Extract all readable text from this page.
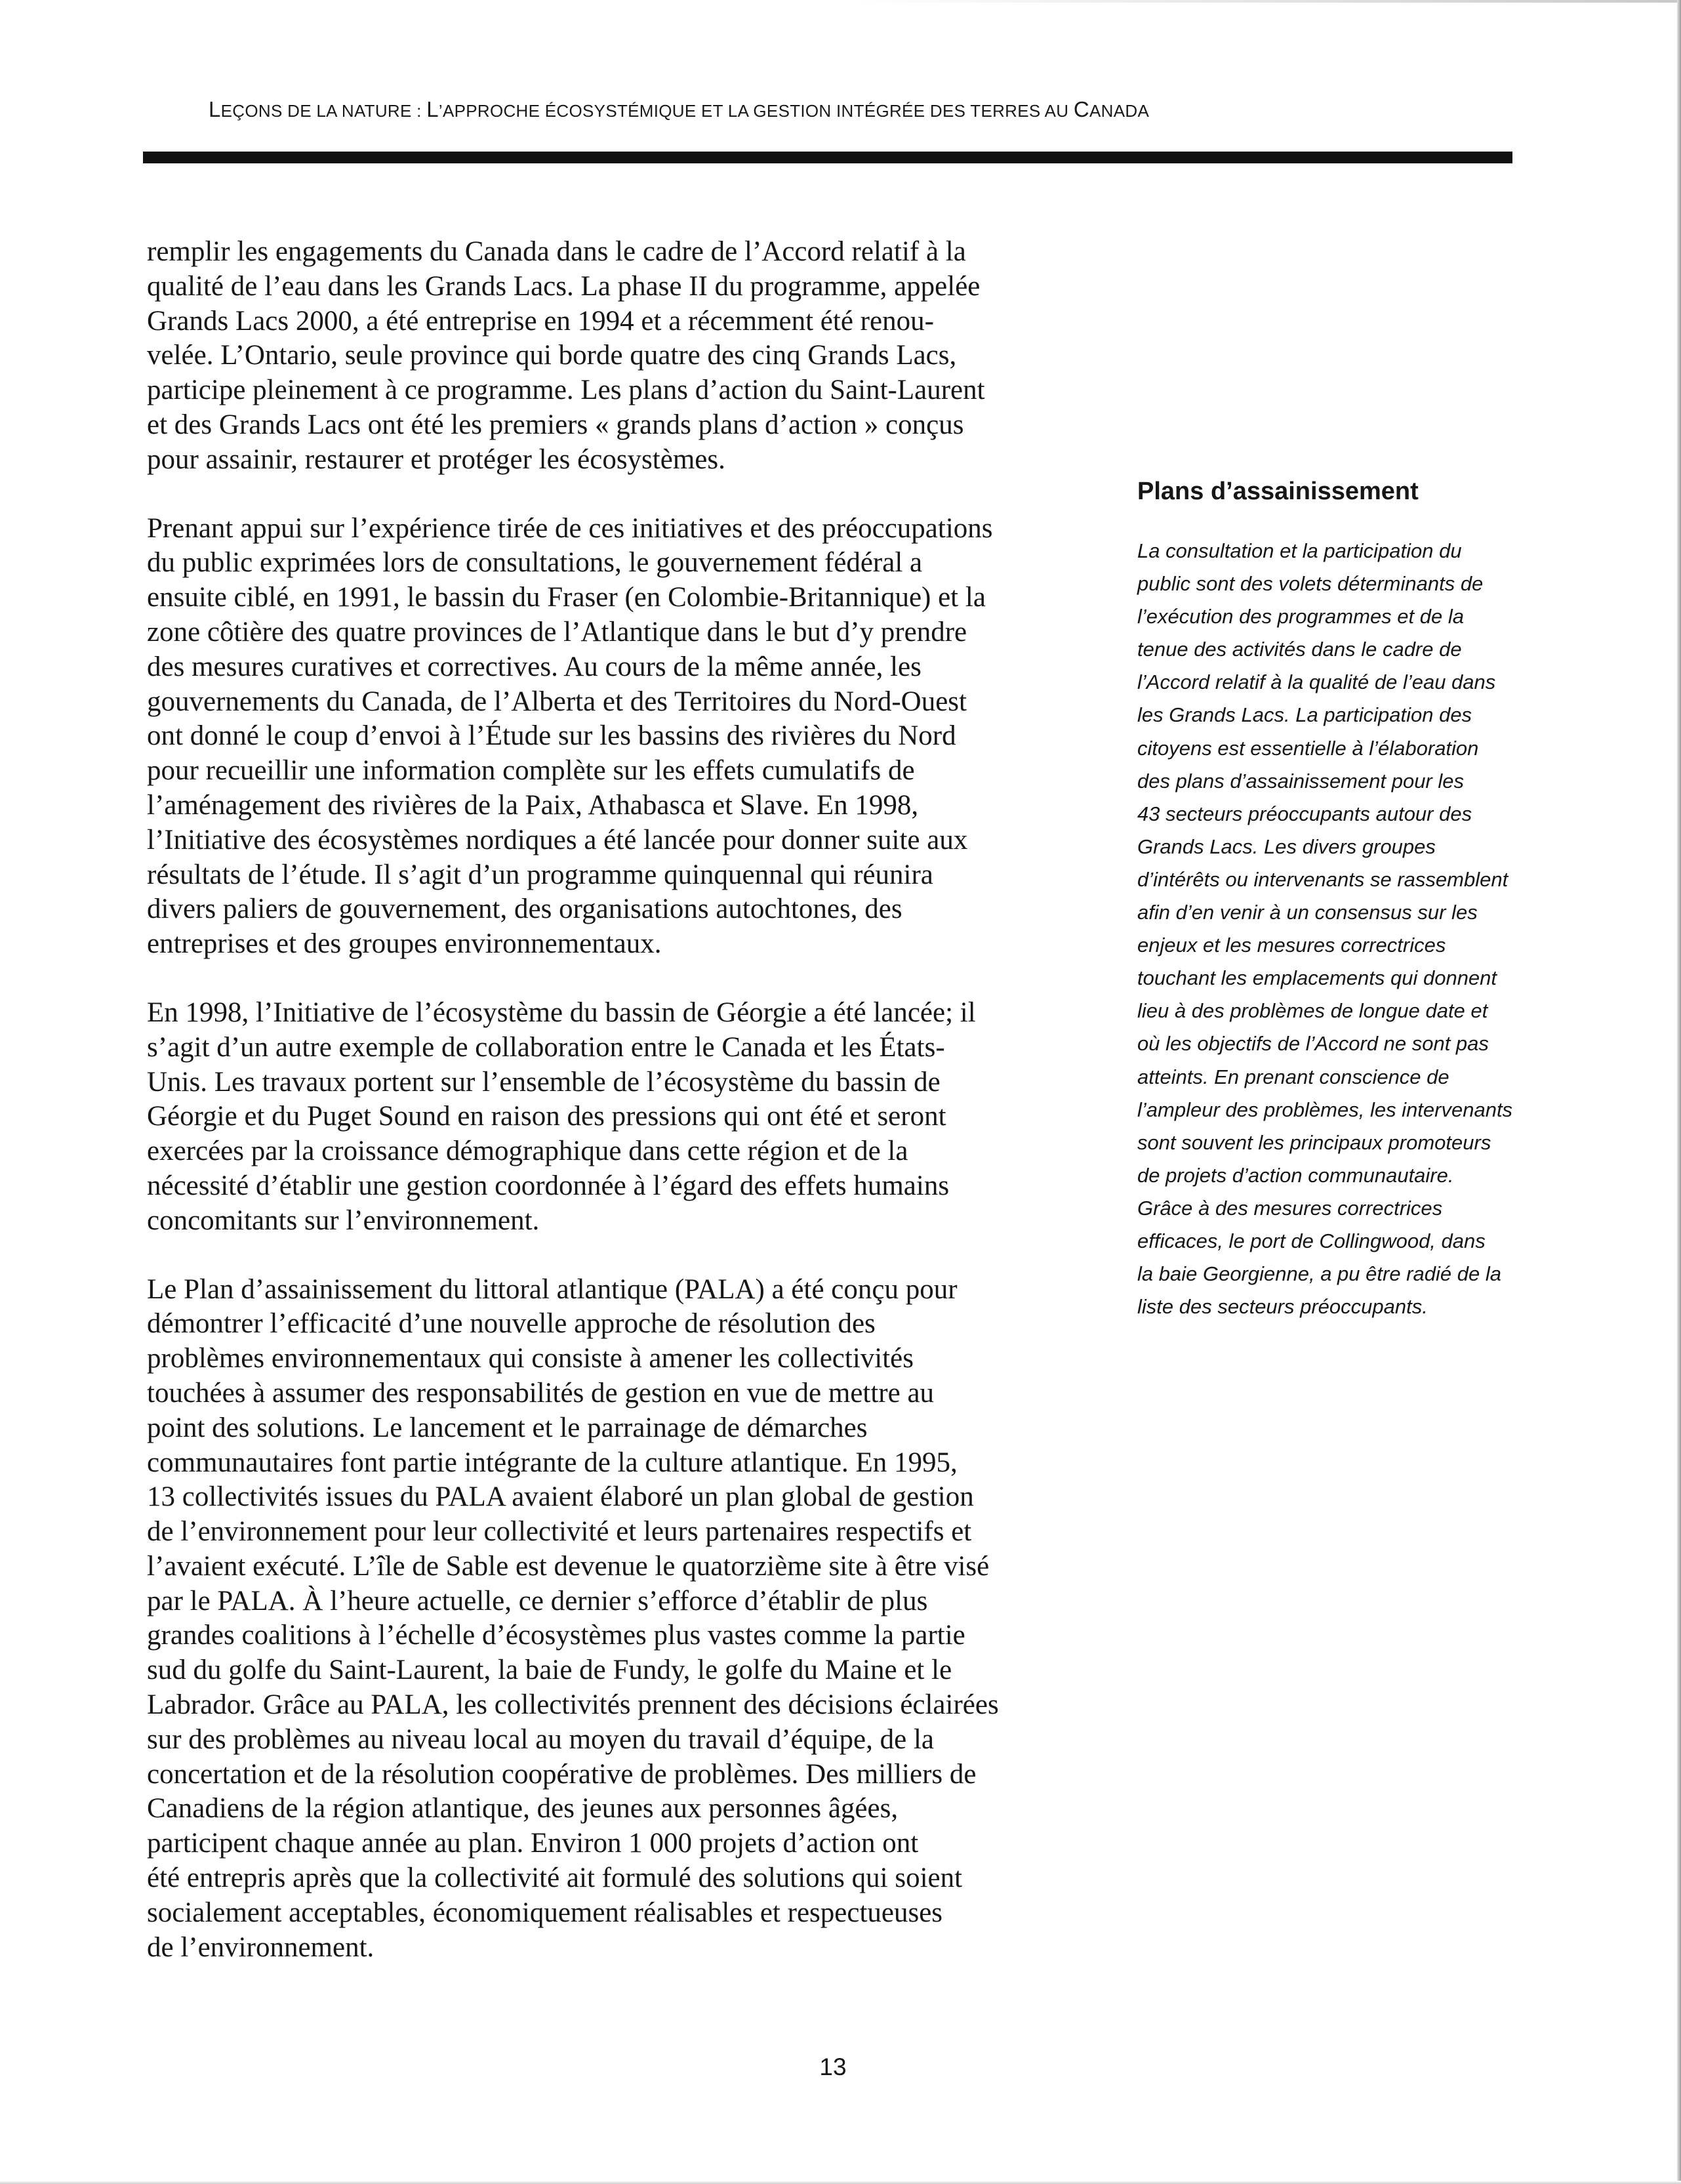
LEÇONS DE LA NATURE : L’APPROCHE ÉCOSYSTÉMIQUE ET LA GESTION INTÉGRÉE DES TERRES AU CANADA

remplir les engagements du Canada dans le cadre de l’Accord relatif à la
qualité de l’eau dans les Grands Lacs. La phase II du programme, appelée
Grands Lacs 2000, a été entreprise en 1994 et a récemment été renou-
velée. L’Ontario, seule province qui borde quatre des cinq Grands Lacs,
participe pleinement à ce programme. Les plans d’action du Saint-Laurent
et des Grands Lacs ont été les premiers « grands plans d’action » conçus
pour assainir, restaurer et protéger les écosystèmes.

Prenant appui sur l’expérience tirée de ces initiatives et des préoccupations
du public exprimées lors de consultations, le gouvernement fédéral a
ensuite ciblé, en 1991, le bassin du Fraser (en Colombie-Britannique) et la
zone côtière des quatre provinces de l’Atlantique dans le but d’y prendre
des mesures curatives et correctives. Au cours de la même année, les
gouvernements du Canada, de l’Alberta et des Territoires du Nord-Ouest
ont donné le coup d’envoi à l’Étude sur les bassins des rivières du Nord
pour recueillir une information complète sur les effets cumulatifs de
l’aménagement des rivières de la Paix, Athabasca et Slave. En 1998,
l’Initiative des écosystèmes nordiques a été lancée pour donner suite aux
résultats de l’étude. Il s’agit d’un programme quinquennal qui réunira
divers paliers de gouvernement, des organisations autochtones, des
entreprises et des groupes environnementaux.

En 1998, l’Initiative de l’écosystème du bassin de Géorgie a été lancée; il
s’agit d’un autre exemple de collaboration entre le Canada et les États-
Unis. Les travaux portent sur l’ensemble de l’écosystème du bassin de
Géorgie et du Puget Sound en raison des pressions qui ont été et seront
exercées par la croissance démographique dans cette région et de la
nécessité d’établir une gestion coordonnée à l’égard des effets humains
concomitants sur l’environnement.

Le Plan d’assainissement du littoral atlantique (PALA) a été conçu pour
démontrer l’efficacité d’une nouvelle approche de résolution des
problèmes environnementaux qui consiste à amener les collectivités
touchées à assumer des responsabilités de gestion en vue de mettre au
point des solutions. Le lancement et le parrainage de démarches
communautaires font partie intégrante de la culture atlantique. En 1995,
13 collectivités issues du PALA avaient élaboré un plan global de gestion
de l’environnement pour leur collectivité et leurs partenaires respectifs et
l’avaient exécuté. L’île de Sable est devenue le quatorzième site à être visé
par le PALA. À l’heure actuelle, ce dernier s’efforce d’établir de plus
grandes coalitions à l’échelle d’écosystèmes plus vastes comme la partie
sud du golfe du Saint-Laurent, la baie de Fundy, le golfe du Maine et le
Labrador. Grâce au PALA, les collectivités prennent des décisions éclairées
sur des problèmes au niveau local au moyen du travail d’équipe, de la
concertation et de la résolution coopérative de problèmes. Des milliers de
Canadiens de la région atlantique, des jeunes aux personnes âgées,
participent chaque année au plan. Environ 1 000 projets d’action ont
été entrepris après que la collectivité ait formulé des solutions qui soient
socialement acceptables, économiquement réalisables et respectueuses
de l’environnement.

Plans d’assainissement
La consultation et la participation du
public sont des volets déterminants de
l’exécution des programmes et de la
tenue des activités dans le cadre de
l’Accord relatif à la qualité de l’eau dans
les Grands Lacs. La participation des
citoyens est essentielle à l’élaboration
des plans d’assainissement pour les
43 secteurs préoccupants autour des
Grands Lacs. Les divers groupes
d’intérêts ou intervenants se rassemblent
afin d’en venir à un consensus sur les
enjeux et les mesures correctrices
touchant les emplacements qui donnent
lieu à des problèmes de longue date et
où les objectifs de l’Accord ne sont pas
atteints. En prenant conscience de
l’ampleur des problèmes, les intervenants
sont souvent les principaux promoteurs
de projets d’action communautaire.
Grâce à des mesures correctrices
efficaces, le port de Collingwood, dans
la baie Georgienne, a pu être radié de la
liste des secteurs préoccupants.
13
